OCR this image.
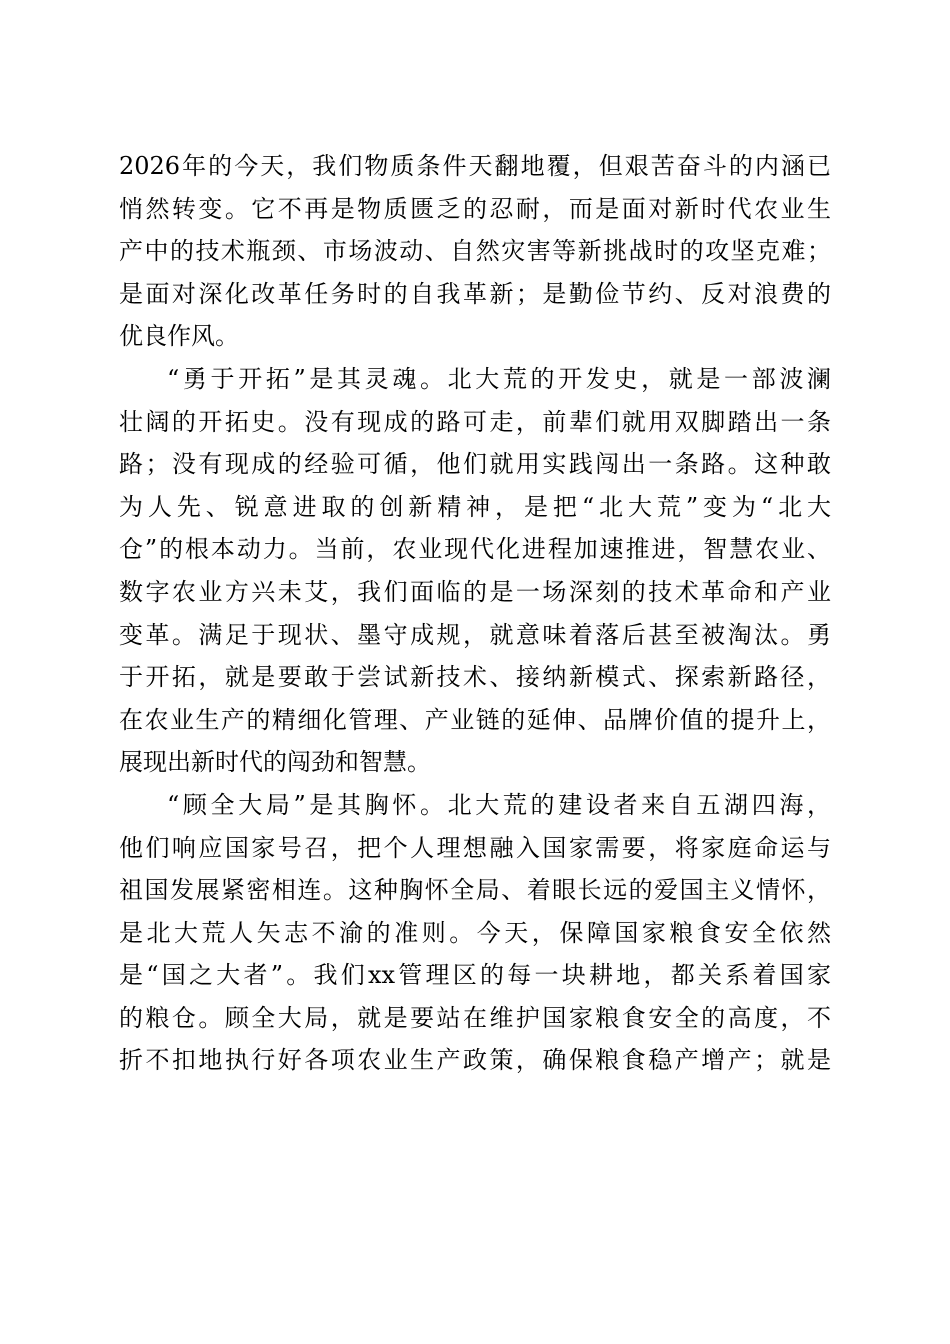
2026年的今天，我们物质条件天翻地覆，但艰苦奋斗的内涵已
悄然转变。它不再是物质匮乏的忍耐，而是面对新时代农业生
产中的技术瓶颈、市场波动、自然灾害等新挑战时的攻坚克难；
是面对深化改革任务时的自我革新；是勤俭节约、反对浪费的
优良作风。
“勇于开拓”是其灵魂。北大荒的开发史，就是一部波澜
壮阔的开拓史。没有现成的路可走，前辈们就用双脚踏出一条
路；没有现成的经验可循，他们就用实践闯出一条路。这种敢
为人先、锐意进取的创新精神，是把“北大荒”变为“北大
仓”的根本动力。当前，农业现代化进程加速推进，智慧农业、
数字农业方兴未艾，我们面临的是一场深刻的技术革命和产业
变革。满足于现状、墨守成规，就意味着落后甚至被淘汰。勇
于开拓，就是要敢于尝试新技术、接纳新模式、探索新路径，
在农业生产的精细化管理、产业链的延伸、品牌价值的提升上，
展现出新时代的闯劲和智慧。
“顾全大局”是其胸怀。北大荒的建设者来自五湖四海，
他们响应国家号召，把个人理想融入国家需要，将家庭命运与
祖国发展紧密相连。这种胸怀全局、着眼长远的爱国主义情怀，
是北大荒人矢志不渝的准则。今天，保障国家粮食安全依然
是“国之大者”。我们xx管理区的每一块耕地，都关系着国家
的粮仓。顾全大局，就是要站在维护国家粮食安全的高度，不
折不扣地执行好各项农业生产政策，确保粮食稳产增产；就是
